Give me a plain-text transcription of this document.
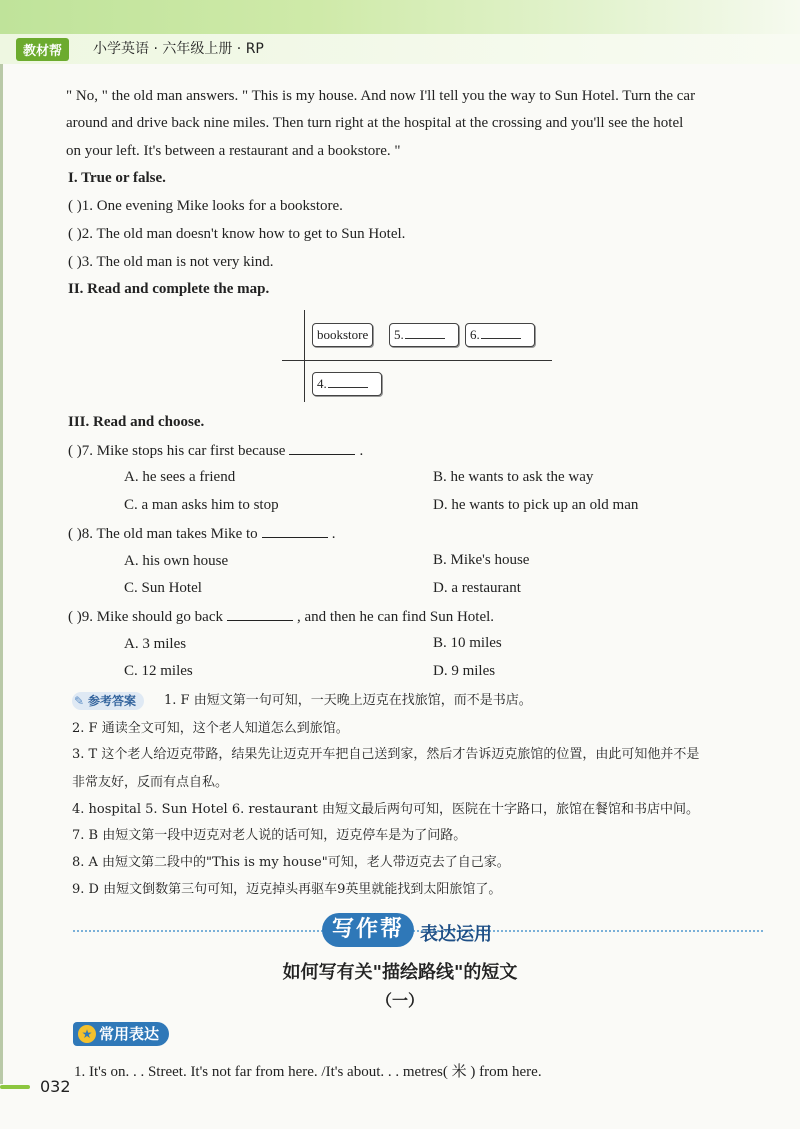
教材帮	小学英语 · 六年级上册 · RP
" No, " the old man answers. " This is my house. And now I'll tell you the way to Sun Hotel. Turn the car
around and drive back nine miles. Then turn right at the hospital at the crossing and you'll see the hotel
on your left. It's between a restaurant and a bookstore. "
I. True or false.
( )1. One evening Mike looks for a bookstore.
( )2. The old man doesn't know how to get to Sun Hotel.
( )3. The old man is not very kind.
II. Read and complete the map.
bookstore	5.	6.
4.
III. Read and choose.
( )7. Mike stops his car first because	.
A. he sees a friend	B. he wants to ask the way
C. a man asks him to stop	D. he wants to pick up an old man
( )8. The old man takes Mike to	.
A. his own house	B. Mike's house
C. Sun Hotel	D. a restaurant
( )9. Mike should go back	, and then he can find Sun Hotel.
A. 3 miles	B. 10 miles
C. 12 miles	D. 9 miles
✎ 参考答案	1. F 由短文第一句可知，一天晚上迈克在找旅馆，而不是书店。
2. F 通读全文可知，这个老人知道怎么到旅馆。
3. T 这个老人给迈克带路，结果先让迈克开车把自己送到家，然后才告诉迈克旅馆的位置，由此可知他并不是
非常友好，反而有点自私。
4. hospital 5. Sun Hotel 6. restaurant 由短文最后两句可知，医院在十字路口，旅馆在餐馆和书店中间。
7. B 由短文第一段中迈克对老人说的话可知，迈克停车是为了问路。
8. A 由短文第二段中的"This is my house"可知，老人带迈克去了自己家。
9. D 由短文倒数第三句可知，迈克掉头再驱车9英里就能找到太阳旅馆了。
写作帮 表达运用
如何写有关"描绘路线"的短文
（一）
★ 常用表达
1. It's on. . . Street. It's not far from here. /It's about. . . metres( 米 ) from here.
032
